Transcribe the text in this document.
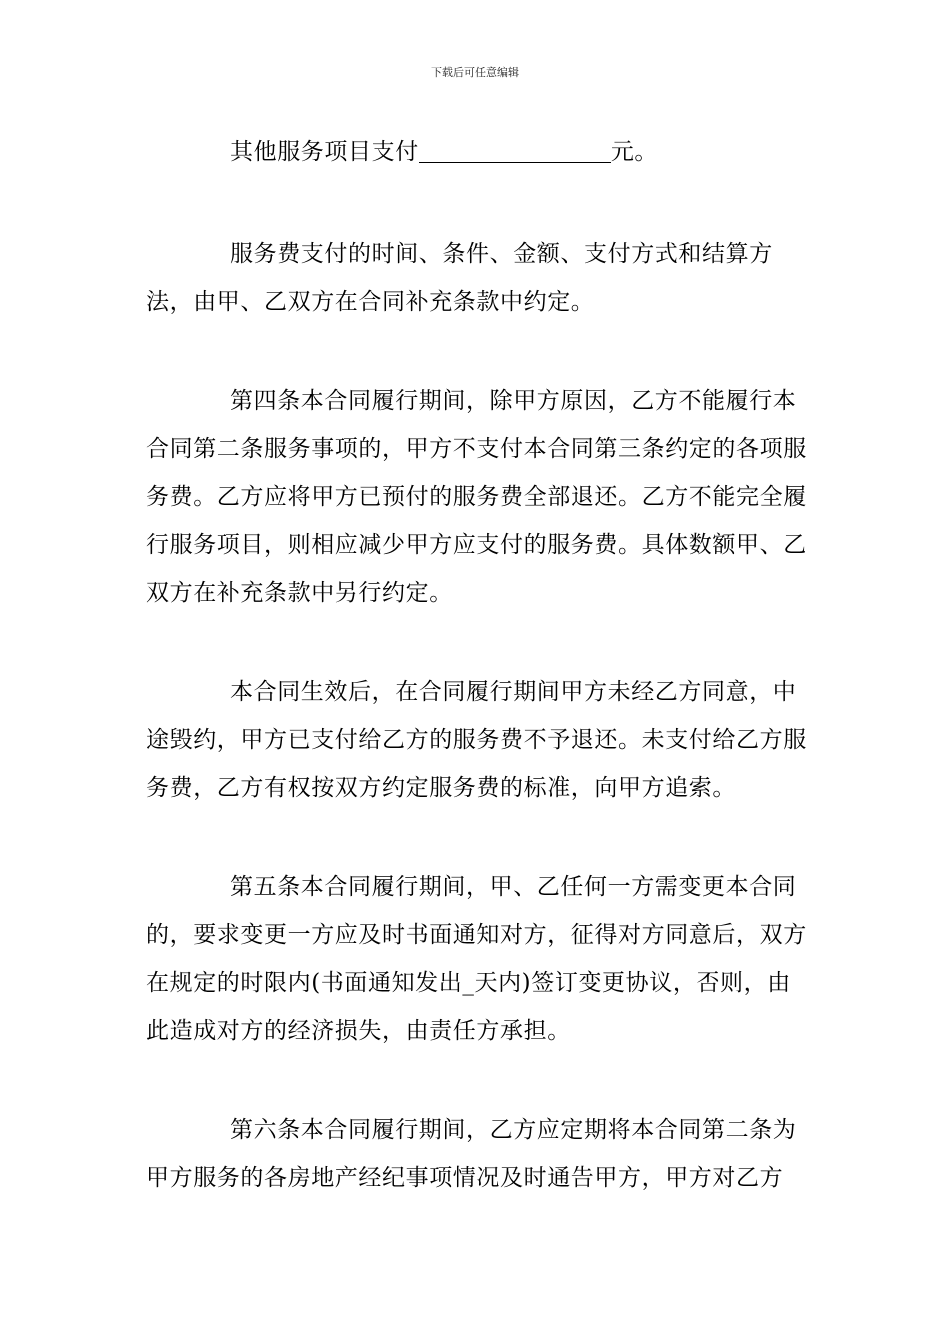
下载后可任意编辑

其他服务项目支付	元。

服务费支付的时间、条件、金额、支付方式和结算方法，由甲、乙双方在合同补充条款中约定。

第四条本合同履行期间，除甲方原因，乙方不能履行本合同第二条服务事项的，甲方不支付本合同第三条约定的各项服务费。乙方应将甲方已预付的服务费全部退还。乙方不能完全履行服务项目，则相应减少甲方应支付的服务费。具体数额甲、乙双方在补充条款中另行约定。

本合同生效后，在合同履行期间甲方未经乙方同意，中途毁约，甲方已支付给乙方的服务费不予退还。未支付给乙方服务费，乙方有权按双方约定服务费的标准，向甲方追索。

第五条本合同履行期间，甲、乙任何一方需变更本合同的，要求变更一方应及时书面通知对方，征得对方同意后，双方在规定的时限内(书面通知发出_天内)签订变更协议，否则，由此造成对方的经济损失，由责任方承担。

第六条本合同履行期间，乙方应定期将本合同第二条为甲方服务的各房地产经纪事项情况及时通告甲方，甲方对乙方
